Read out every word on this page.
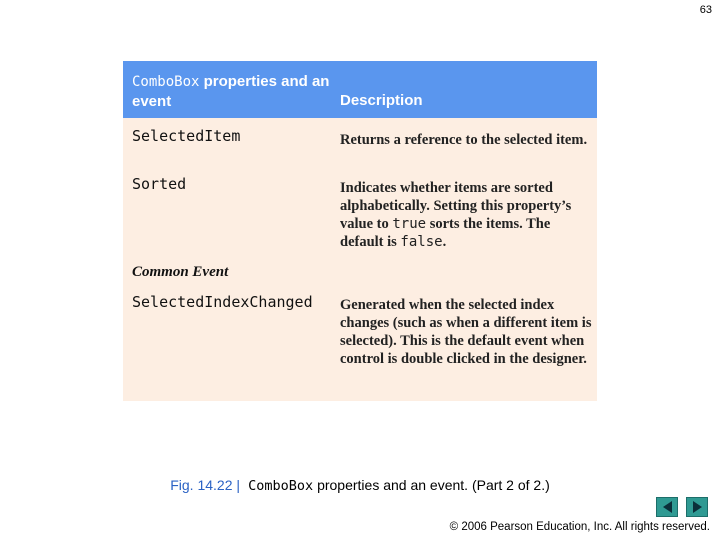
63
ComboBox properties and an event	Description
SelectedItem	Returns a reference to the selected item.
Sorted	Indicates whether items are sorted alphabetically. Setting this property’s value to true sorts the items. The default is false.
Common Event
SelectedIndexChanged Generated when the selected index changes (such as when a different item is selected). This is the default event when control is double clicked in the designer.
Fig. 14.22 | ComboBox properties and an event. (Part 2 of 2.)
© 2006 Pearson Education, Inc. All rights reserved.
